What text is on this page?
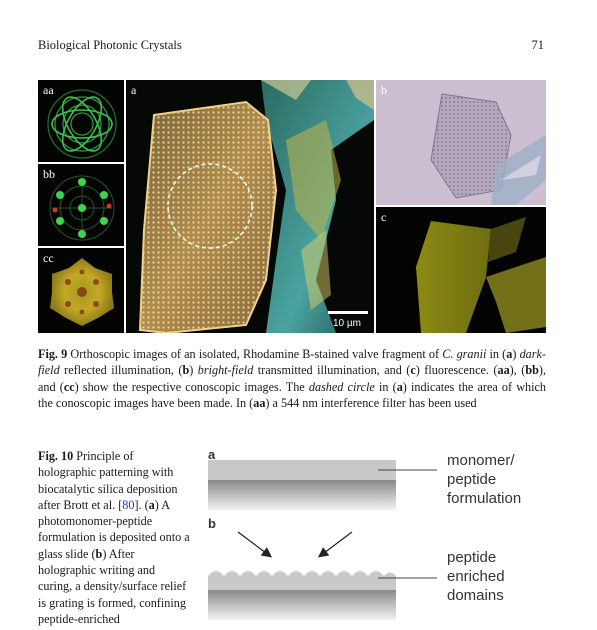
Biological Photonic Crystals	71
aa
bb
cc
a
10 µm
b
c
Fig. 9 Orthoscopic images of an isolated, Rhodamine B-stained valve fragment of C. granii in (a) dark-field reflected illumination, (b) bright-field transmitted illumination, and (c) fluorescence. (aa), (bb), and (cc) show the respective conoscopic images. The dashed circle in (a) indicates the area of which the conoscopic images have been made. In (aa) a 544 nm interference filter has been used
Fig. 10 Principle of holographic patterning with biocatalytic silica deposition after Brott et al. [80]. (a) A photomonomer-peptide formulation is deposited onto a glass slide (b) After holographic writing and curing, a density/surface relief is grating is formed, confining peptide-enriched
a
b
monomer/
peptide
formulation
peptide
enriched
domains
